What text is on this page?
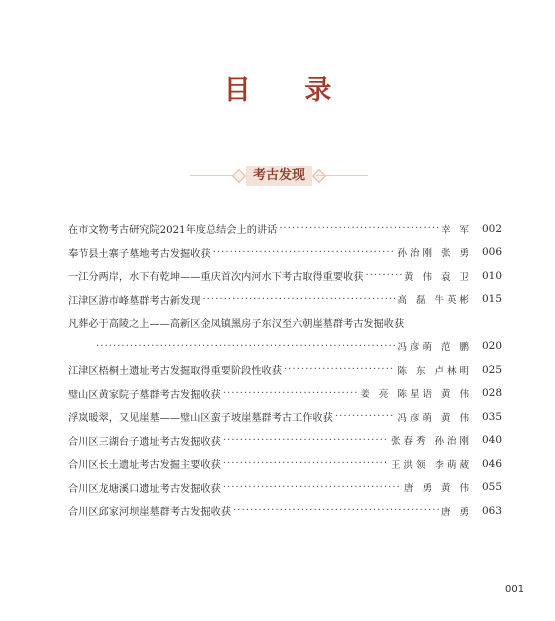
目 录
考古发现
在市文物考古研究院2021年度总结会上的讲话 ·····	幸 军 002
奉节县土寨子墓地考古发掘收获 ·····	孙治刚 张 勇 006
一江分两岸，水下有乾坤——重庆首次内河水下考古取得重要收获 ·····	黄 伟 袁 卫 010
江津区游市峰墓群考古新发现 ·····	高 磊 牛英彬 015
凡葬必于高陵之上——高新区金凤镇黑房子东汉至六朝崖墓群考古发掘收获
·····
冯彦萌 范 鹏 020
江津区梧桐土遗址考古发掘取得重要阶段性收获 ·····	陈 东 卢林明 025
璧山区黄家院子墓群考古发掘收获 ·····	姜 亮 陈星语 黄 伟 028
浮岚暖翠，又见崖墓——璧山区蛮子坡崖墓群考古工作收获 ·····	冯彦萌 黄 伟 035
合川区三湖台子遗址考古发掘收获 ·····	张春秀 孙治刚 040
合川区长土遗址考古发掘主要收获 ·····	王洪领 李萌葳 046
合川区龙塘溪口遗址考古发掘收获 ·····	唐 勇 黄 伟 055
合川区邱家河坝崖墓群考古发掘收获 ·····	唐 勇 063
001
